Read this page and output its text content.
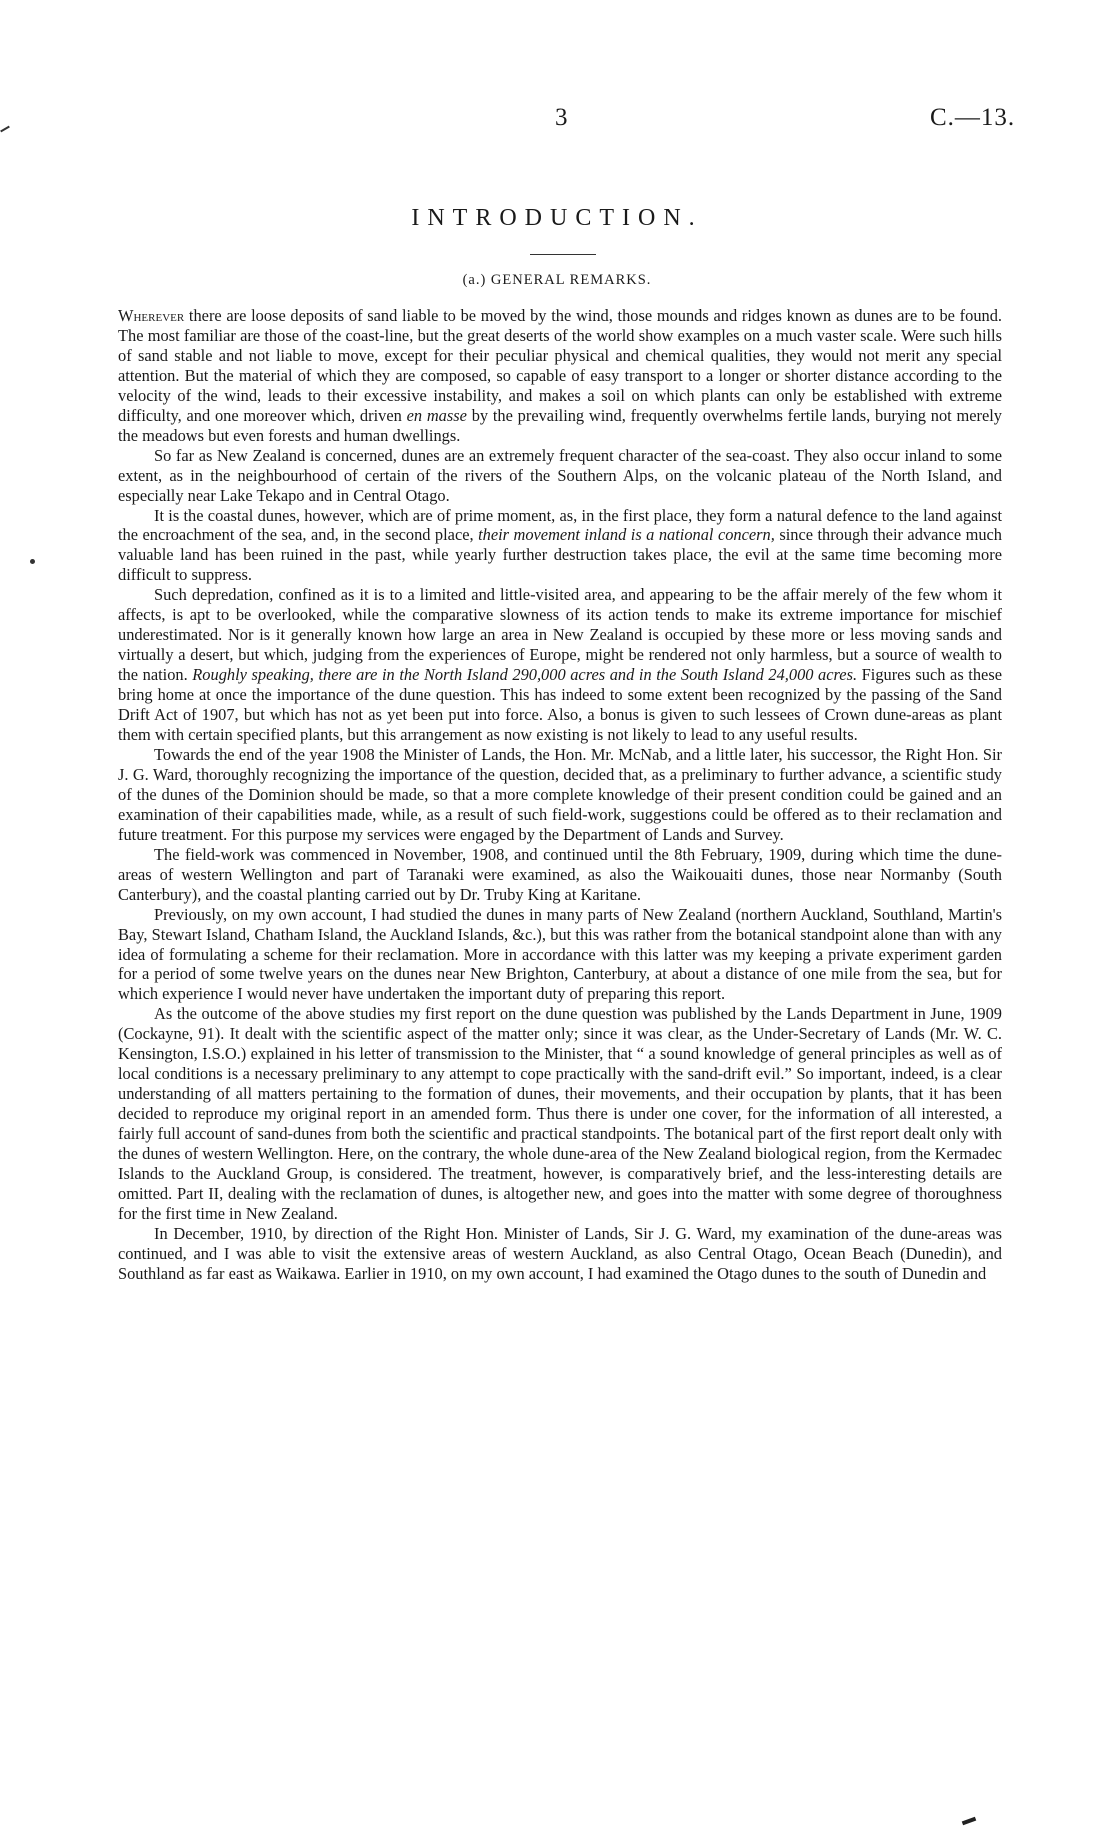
3	C.—13.
INTRODUCTION.
(a.) GENERAL REMARKS.

Wherever there are loose deposits of sand liable to be moved by the wind, those mounds and ridges known as dunes are to be found. The most familiar are those of the coast-line, but the great deserts of the world show examples on a much vaster scale. Were such hills of sand stable and not liable to move, except for their peculiar physical and chemical qualities, they would not merit any special attention. But the material of which they are composed, so capable of easy transport to a longer or shorter distance according to the velocity of the wind, leads to their excessive instability, and makes a soil on which plants can only be established with extreme difficulty, and one moreover which, driven en masse by the prevailing wind, frequently overwhelms fertile lands, burying not merely the meadows but even forests and human dwellings.

So far as New Zealand is concerned, dunes are an extremely frequent character of the sea-coast. They also occur inland to some extent, as in the neighbourhood of certain of the rivers of the Southern Alps, on the volcanic plateau of the North Island, and especially near Lake Tekapo and in Central Otago.

It is the coastal dunes, however, which are of prime moment, as, in the first place, they form a natural defence to the land against the encroachment of the sea, and, in the second place, their movement inland is a national concern, since through their advance much valuable land has been ruined in the past, while yearly further destruction takes place, the evil at the same time becoming more difficult to suppress.

Such depredation, confined as it is to a limited and little-visited area, and appearing to be the affair merely of the few whom it affects, is apt to be overlooked, while the comparative slowness of its action tends to make its extreme importance for mischief underestimated. Nor is it generally known how large an area in New Zealand is occupied by these more or less moving sands and virtually a desert, but which, judging from the experiences of Europe, might be rendered not only harmless, but a source of wealth to the nation. Roughly speaking, there are in the North Island 290,000 acres and in the South Island 24,000 acres. Figures such as these bring home at once the importance of the dune question. This has indeed to some extent been recognized by the passing of the Sand Drift Act of 1907, but which has not as yet been put into force. Also, a bonus is given to such lessees of Crown dune-areas as plant them with certain specified plants, but this arrangement as now existing is not likely to lead to any useful results.

Towards the end of the year 1908 the Minister of Lands, the Hon. Mr. McNab, and a little later, his successor, the Right Hon. Sir J. G. Ward, thoroughly recognizing the importance of the question, decided that, as a preliminary to further advance, a scientific study of the dunes of the Dominion should be made, so that a more complete knowledge of their present condition could be gained and an examination of their capabilities made, while, as a result of such field-work, suggestions could be offered as to their reclamation and future treatment. For this purpose my services were engaged by the Department of Lands and Survey.

The field-work was commenced in November, 1908, and continued until the 8th February, 1909, during which time the dune-areas of western Wellington and part of Taranaki were examined, as also the Waikouaiti dunes, those near Normanby (South Canterbury), and the coastal planting carried out by Dr. Truby King at Karitane.

Previously, on my own account, I had studied the dunes in many parts of New Zealand (northern Auckland, Southland, Martin's Bay, Stewart Island, Chatham Island, the Auckland Islands, &c.), but this was rather from the botanical standpoint alone than with any idea of formulating a scheme for their reclamation. More in accordance with this latter was my keeping a private experiment garden for a period of some twelve years on the dunes near New Brighton, Canterbury, at about a distance of one mile from the sea, but for which experience I would never have undertaken the important duty of preparing this report.

As the outcome of the above studies my first report on the dune question was published by the Lands Department in June, 1909 (Cockayne, 91). It dealt with the scientific aspect of the matter only; since it was clear, as the Under-Secretary of Lands (Mr. W. C. Kensington, I.S.O.) explained in his letter of transmission to the Minister, that “ a sound knowledge of general principles as well as of local conditions is a necessary preliminary to any attempt to cope practically with the sand-drift evil.” So important, indeed, is a clear understanding of all matters pertaining to the formation of dunes, their movements, and their occupation by plants, that it has been decided to reproduce my original report in an amended form. Thus there is under one cover, for the information of all interested, a fairly full account of sand-dunes from both the scientific and practical standpoints. The botanical part of the first report dealt only with the dunes of western Wellington. Here, on the contrary, the whole dune-area of the New Zealand biological region, from the Kermadec Islands to the Auckland Group, is considered. The treatment, however, is comparatively brief, and the less-interesting details are omitted. Part II, dealing with the reclamation of dunes, is altogether new, and goes into the matter with some degree of thoroughness for the first time in New Zealand.

In December, 1910, by direction of the Right Hon. Minister of Lands, Sir J. G. Ward, my examination of the dune-areas was continued, and I was able to visit the extensive areas of western Auckland, as also Central Otago, Ocean Beach (Dunedin), and Southland as far east as Waikawa. Earlier in 1910, on my own account, I had examined the Otago dunes to the south of Dunedin and
